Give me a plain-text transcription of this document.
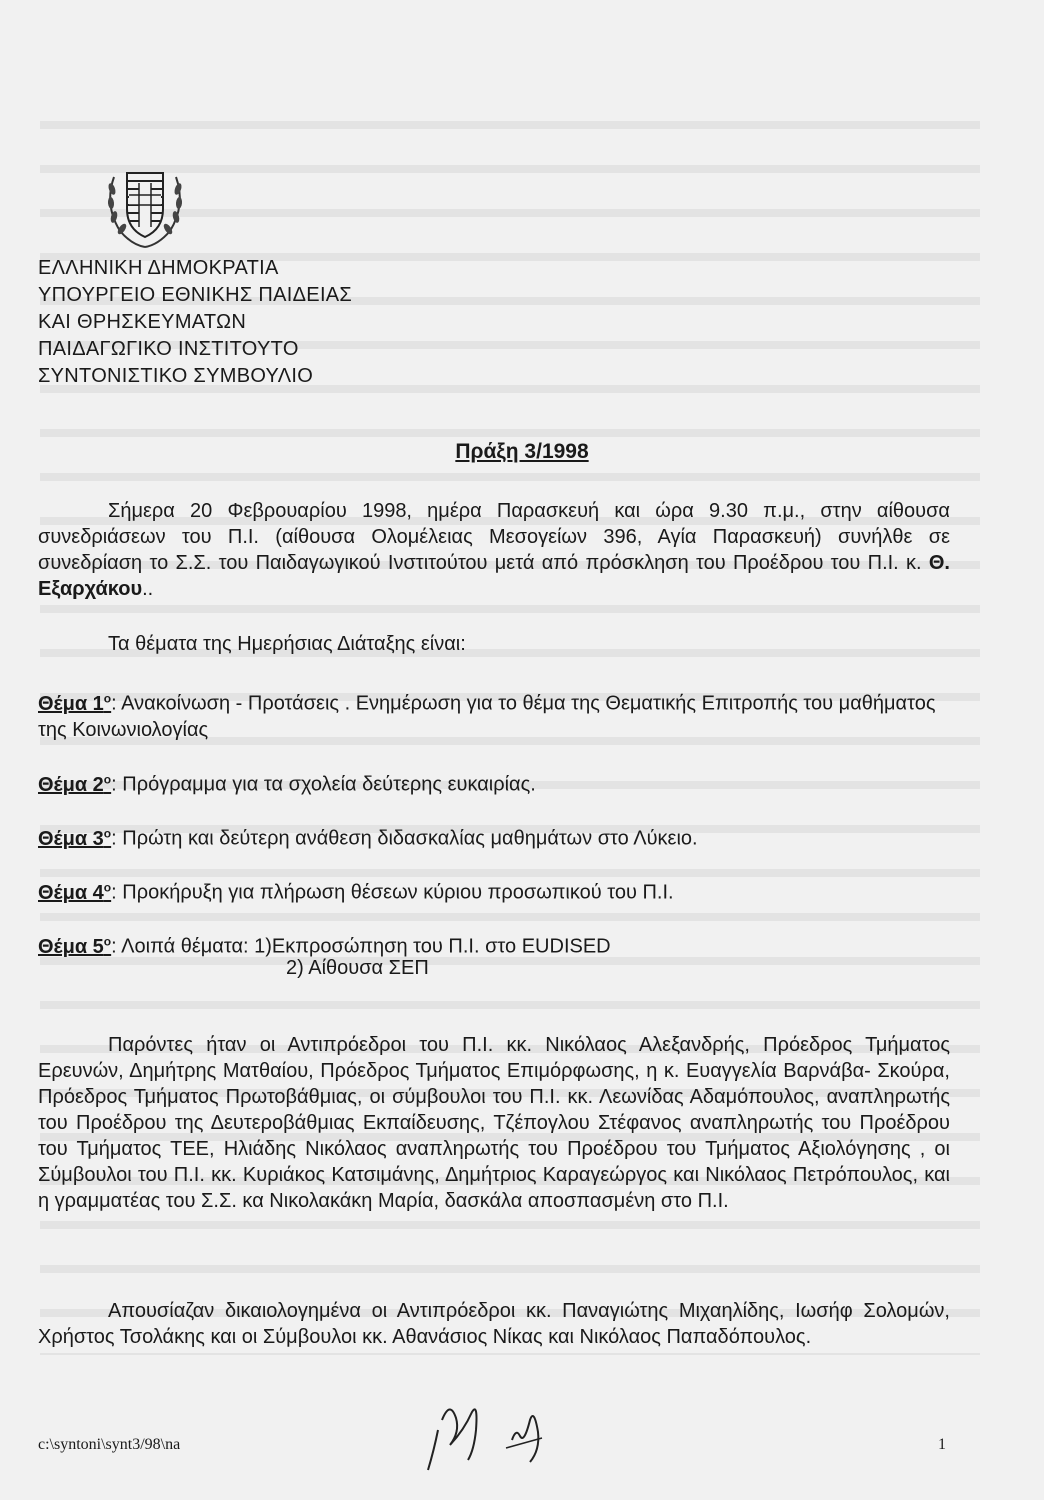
ΕΛΛΗΝΙΚΗ ΔΗΜΟΚΡΑΤΙΑ
ΥΠΟΥΡΓΕΙΟ ΕΘΝΙΚΗΣ ΠΑΙΔΕΙΑΣ
ΚΑΙ ΘΡΗΣΚΕΥΜΑΤΩΝ
ΠΑΙΔΑΓΩΓΙΚΟ ΙΝΣΤΙΤΟΥΤΟ
ΣΥΝΤΟΝΙΣΤΙΚΟ ΣΥΜΒΟΥΛΙΟ
Πράξη 3/1998
Σήμερα 20 Φεβρουαρίου 1998, ημέρα Παρασκευή και ώρα 9.30 π.μ., στην αίθουσα συνεδριάσεων του Π.Ι. (αίθουσα Ολομέλειας Μεσογείων 396, Αγία Παρασκευή) συνήλθε σε συνεδρίαση το Σ.Σ. του Παιδαγωγικού Ινστιτούτου μετά από πρόσκληση του Προέδρου του Π.Ι. κ. Θ. Εξαρχάκου..
Τα θέματα της Ημερήσιας Διάταξης είναι:
Θέμα $1^o$: Ανακοίνωση - Προτάσεις . Ενημέρωση για το θέμα της Θεματικής Επιτροπής του μαθήματος της Κοινωνιολογίας
Θέμα $2^o$: Πρόγραμμα για τα σχολεία δεύτερης ευκαιρίας.
Θέμα $3^o$: Πρώτη και δεύτερη ανάθεση διδασκαλίας μαθημάτων στο Λύκειο.
Θέμα $4^o$: Προκήρυξη για πλήρωση θέσεων κύριου προσωπικού του Π.Ι.
Θέμα $5^o$: Λοιπά θέματα: 1)Εκπροσώπηση του Π.Ι. στο EUDISED
2) Αίθουσα ΣΕΠ
Παρόντες ήταν οι Αντιπρόεδροι του Π.Ι. κκ. Νικόλαος Αλεξανδρής, Πρόεδρος Τμήματος Ερευνών, Δημήτρης Ματθαίου, Πρόεδρος Τμήματος Επιμόρφωσης, η κ. Ευαγγελία Βαρνάβα- Σκούρα, Πρόεδρος Τμήματος Πρωτοβάθμιας, οι σύμβουλοι του Π.Ι. κκ. Λεωνίδας Αδαμόπουλος, αναπληρωτής του Προέδρου της Δευτεροβάθμιας Εκπαίδευσης, Τζέπογλου Στέφανος αναπληρωτής του Προέδρου του Τμήματος ΤΕΕ, Ηλιάδης Νικόλαος αναπληρωτής του Προέδρου του Τμήματος Αξιολόγησης , οι Σύμβουλοι του Π.Ι. κκ. Κυριάκος Κατσιμάνης, Δημήτριος Καραγεώργος και Νικόλαος Πετρόπουλος, και η γραμματέας του Σ.Σ. κα Νικολακάκη Μαρία, δασκάλα αποσπασμένη στο Π.Ι.
Απουσίαζαν δικαιολογημένα οι Αντιπρόεδροι κκ. Παναγιώτης Μιχαηλίδης, Ιωσήφ Σολομών, Χρήστος Τσολάκης και οι Σύμβουλοι κκ. Αθανάσιος Νίκας και Νικόλαος Παπαδόπουλος.
c:\syntoni\synt3/98\na	1
